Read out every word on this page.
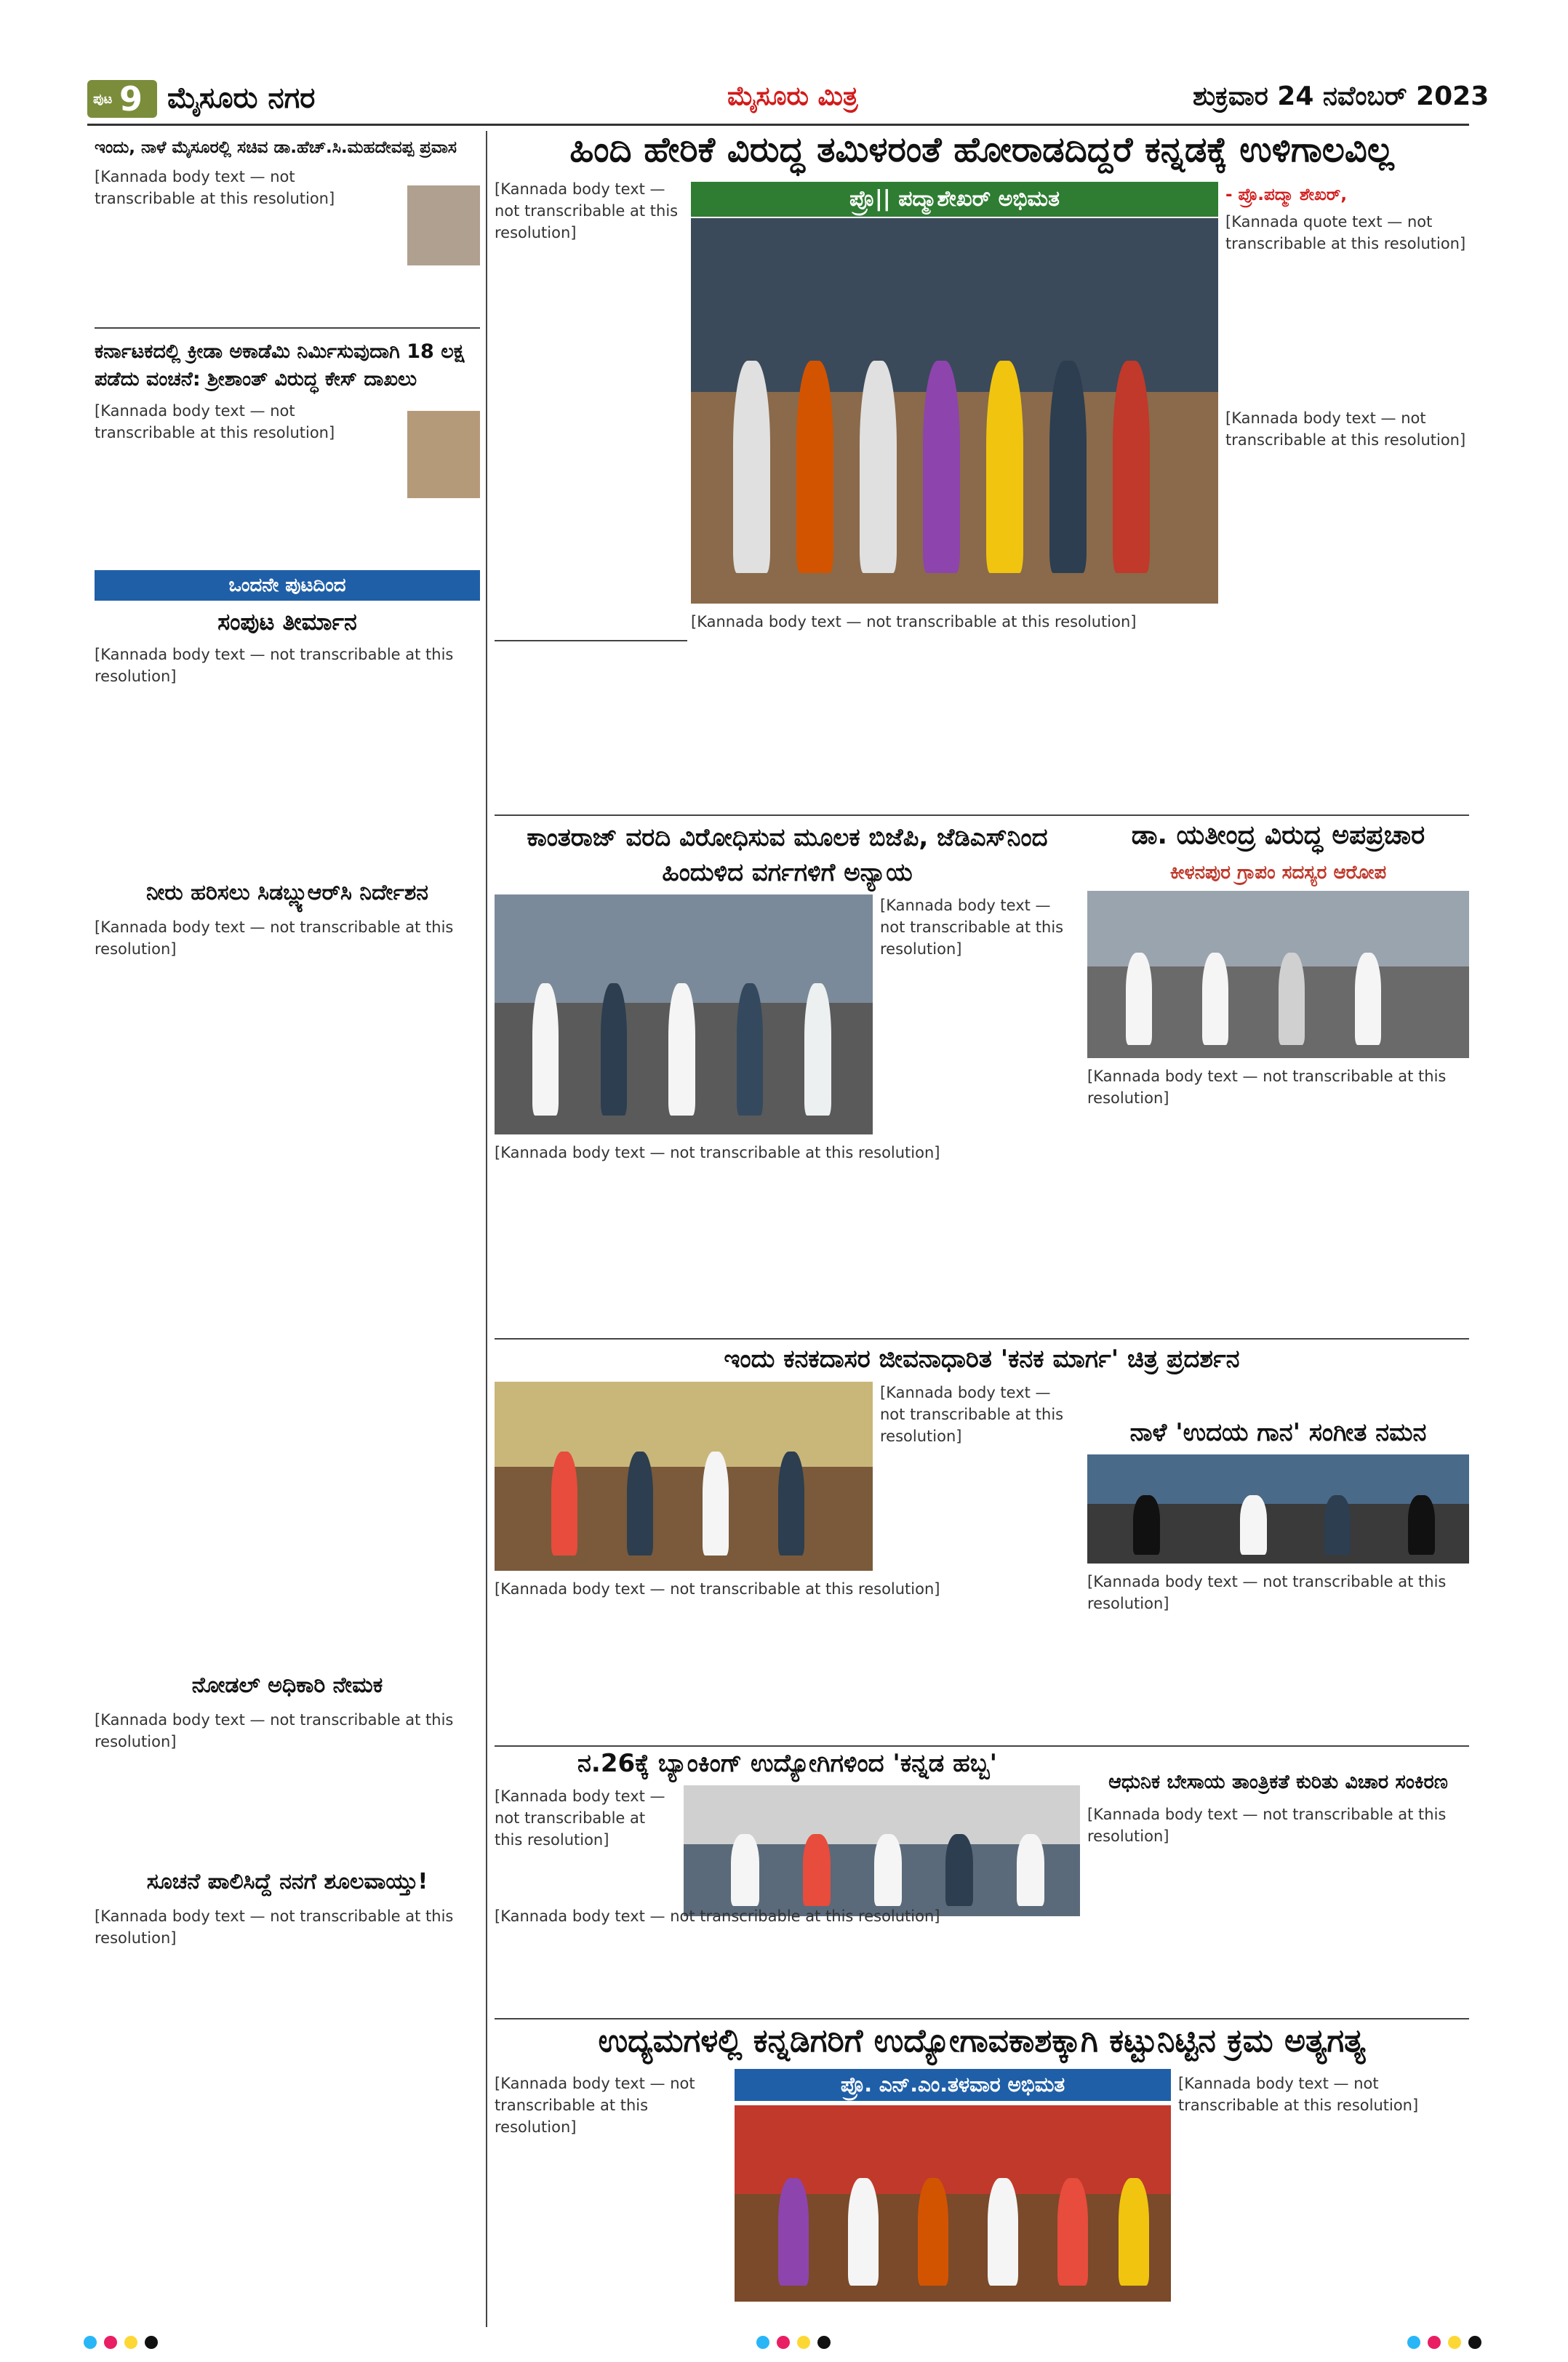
ಪುಟ 9 ಮೈಸೂರು ನಗರ	ಮೈಸೂರು ಮಿತ್ರ	ಶುಕ್ರವಾರ 24 ನವೆಂಬರ್ 2023
ಇಂದು, ನಾಳೆ ಮೈಸೂರಲ್ಲಿ ಸಚಿವ ಡಾ.ಹೆಚ್.ಸಿ.ಮಹದೇವಪ್ಪ ಪ್ರವಾಸ
[Kannada body text — not transcribable at this resolution]
ಕರ್ನಾಟಕದಲ್ಲಿ ಕ್ರೀಡಾ ಅಕಾಡೆಮಿ ನಿರ್ಮಿಸುವುದಾಗಿ 18 ಲಕ್ಷ ಪಡೆದು ವಂಚನೆ: ಶ್ರೀಶಾಂತ್ ವಿರುದ್ಧ ಕೇಸ್ ದಾಖಲು
[Kannada body text — not transcribable at this resolution]
ಒಂದನೇ ಪುಟದಿಂದ
ಸಂಪುಟ ತೀರ್ಮಾನ
[Kannada body text — not transcribable at this resolution]
ನೀರು ಹರಿಸಲು ಸಿಡಬ್ಲ್ಯುಆರ್‌ಸಿ ನಿರ್ದೇಶನ
[Kannada body text — not transcribable at this resolution]
ನೋಡಲ್ ಅಧಿಕಾರಿ ನೇಮಕ
[Kannada body text — not transcribable at this resolution]
ಸೂಚನೆ ಪಾಲಿಸಿದ್ದೆ ನನಗೆ ಶೂಲವಾಯ್ತು!
[Kannada body text — not transcribable at this resolution]
ಹಿಂದಿ ಹೇರಿಕೆ ವಿರುದ್ಧ ತಮಿಳರಂತೆ ಹೋರಾಡದಿದ್ದರೆ ಕನ್ನಡಕ್ಕೆ ಉಳಿಗಾಲವಿಲ್ಲ
[Kannada body text — not transcribable at this resolution]
ಪ್ರೊ|| ಪದ್ಮಾಶೇಖರ್ ಅಭಿಮತ
[Kannada body text — not transcribable at this resolution]
- ಪ್ರೊ.ಪದ್ಮಾ ಶೇಖರ್,
[Kannada quote text — not transcribable at this resolution]
[Kannada body text — not transcribable at this resolution]
ಕಾಂತರಾಜ್ ವರದಿ ವಿರೋಧಿಸುವ ಮೂಲಕ ಬಿಜೆಪಿ, ಜೆಡಿಎಸ್‌ನಿಂದ ಹಿಂದುಳಿದ ವರ್ಗಗಳಿಗೆ ಅನ್ಯಾಯ
[Kannada body text — not transcribable at this resolution]
[Kannada body text — not transcribable at this resolution]
ಡಾ. ಯತೀಂದ್ರ ವಿರುದ್ಧ ಅಪಪ್ರಚಾರ
ಕೀಳನಪುರ ಗ್ರಾಪಂ ಸದಸ್ಯರ ಆರೋಪ
[Kannada body text — not transcribable at this resolution]
ಇಂದು ಕನಕದಾಸರ ಜೀವನಾಧಾರಿತ 'ಕನಕ ಮಾರ್ಗ' ಚಿತ್ರ ಪ್ರದರ್ಶನ
[Kannada body text — not transcribable at this resolution]
[Kannada body text — not transcribable at this resolution]	ನಾಳೆ 'ಉದಯ ಗಾನ' ಸಂಗೀತ ನಮನ
[Kannada body text — not transcribable at this resolution]
ನ.26ಕ್ಕೆ ಬ್ಯಾಂಕಿಂಗ್ ಉದ್ಯೋಗಿಗಳಿಂದ 'ಕನ್ನಡ ಹಬ್ಬ'
[Kannada body text — not transcribable at this resolution]
[Kannada body text — not transcribable at this resolution]
ಆಧುನಿಕ ಬೇಸಾಯ ತಾಂತ್ರಿಕತೆ ಕುರಿತು ವಿಚಾರ ಸಂಕಿರಣ
[Kannada body text — not transcribable at this resolution]
ಉದ್ಯಮಗಳಲ್ಲಿ ಕನ್ನಡಿಗರಿಗೆ ಉದ್ಯೋಗಾವಕಾಶಕ್ಕಾಗಿ ಕಟ್ಟುನಿಟ್ಟಿನ ಕ್ರಮ ಅತ್ಯಗತ್ಯ
[Kannada body text — not transcribable at this resolution]
ಪ್ರೊ. ಎನ್.ಎಂ.ತಳವಾರ ಅಭಿಮತ	[Kannada body text — not transcribable at this resolution]
